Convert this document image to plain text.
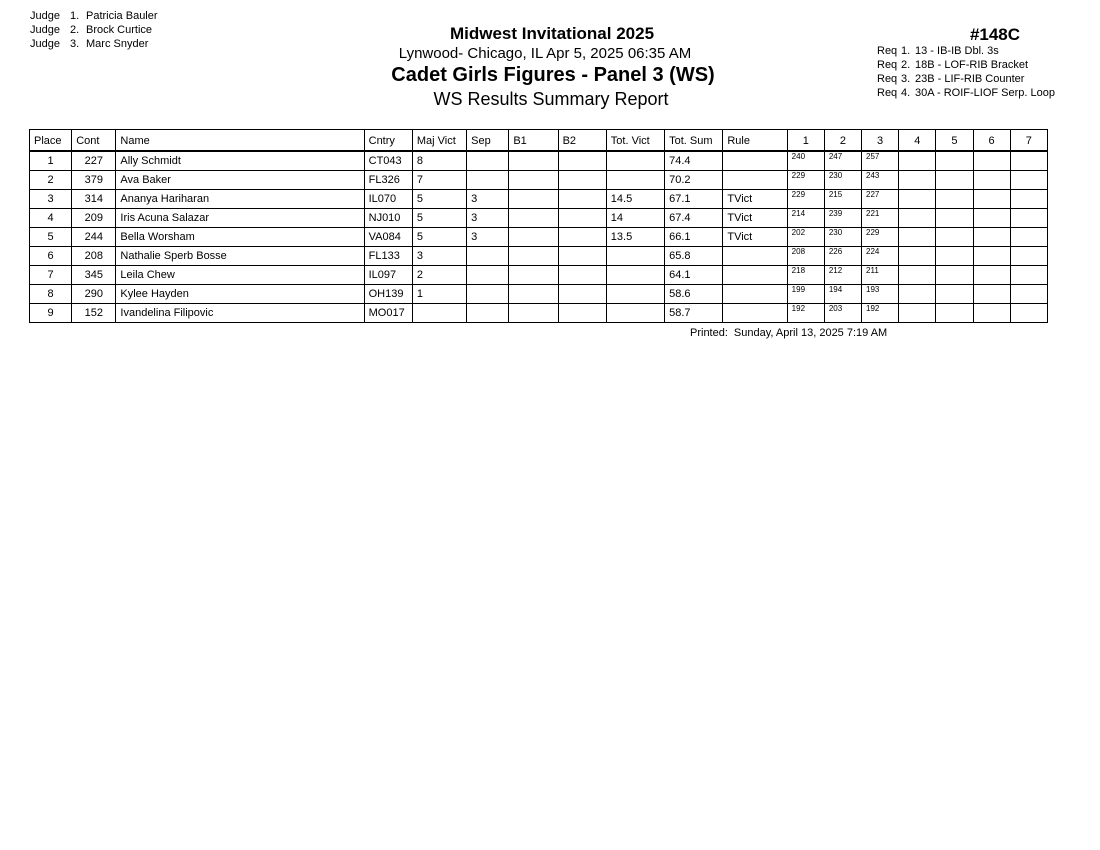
Judge 1. Patricia Bauler
Judge 2. Brock Curtice
Judge 3. Marc Snyder
Midwest Invitational 2025
Lynwood- Chicago, IL Apr 5, 2025 06:35 AM
Cadet Girls Figures - Panel 3 (WS)
WS Results Summary Report
#148C
Req 1. 13 - IB-IB Dbl. 3s
Req 2. 18B - LOF-RIB Bracket
Req 3. 23B - LIF-RIB Counter
Req 4. 30A - ROIF-LIOF Serp. Loop
Place	Cont	Name	Cntry	Maj Vict	Sep	B1	B2	Tot. Vict	Tot. Sum	Rule	1	2	3	4	5	6	7
1	227	Ally Schmidt	CT043	8					74.4		240	247	257				
2	379	Ava Baker	FL326	7					70.2		229	230	243				
3	314	Ananya Hariharan	IL070	5	3			14.5	67.1	TVict	229	215	227				
4	209	Iris Acuna Salazar	NJ010	5	3			14	67.4	TVict	214	239	221				
5	244	Bella Worsham	VA084	5	3			13.5	66.1	TVict	202	230	229				
6	208	Nathalie Sperb Bosse	FL133	3					65.8		208	226	224				
7	345	Leila Chew	IL097	2					64.1		218	212	211				
8	290	Kylee Hayden	OH139	1					58.6		199	194	193				
9	152	Ivandelina Filipovic	MO017						58.7		192	203	192				
Printed: Sunday, April 13, 2025 7:19 AM
